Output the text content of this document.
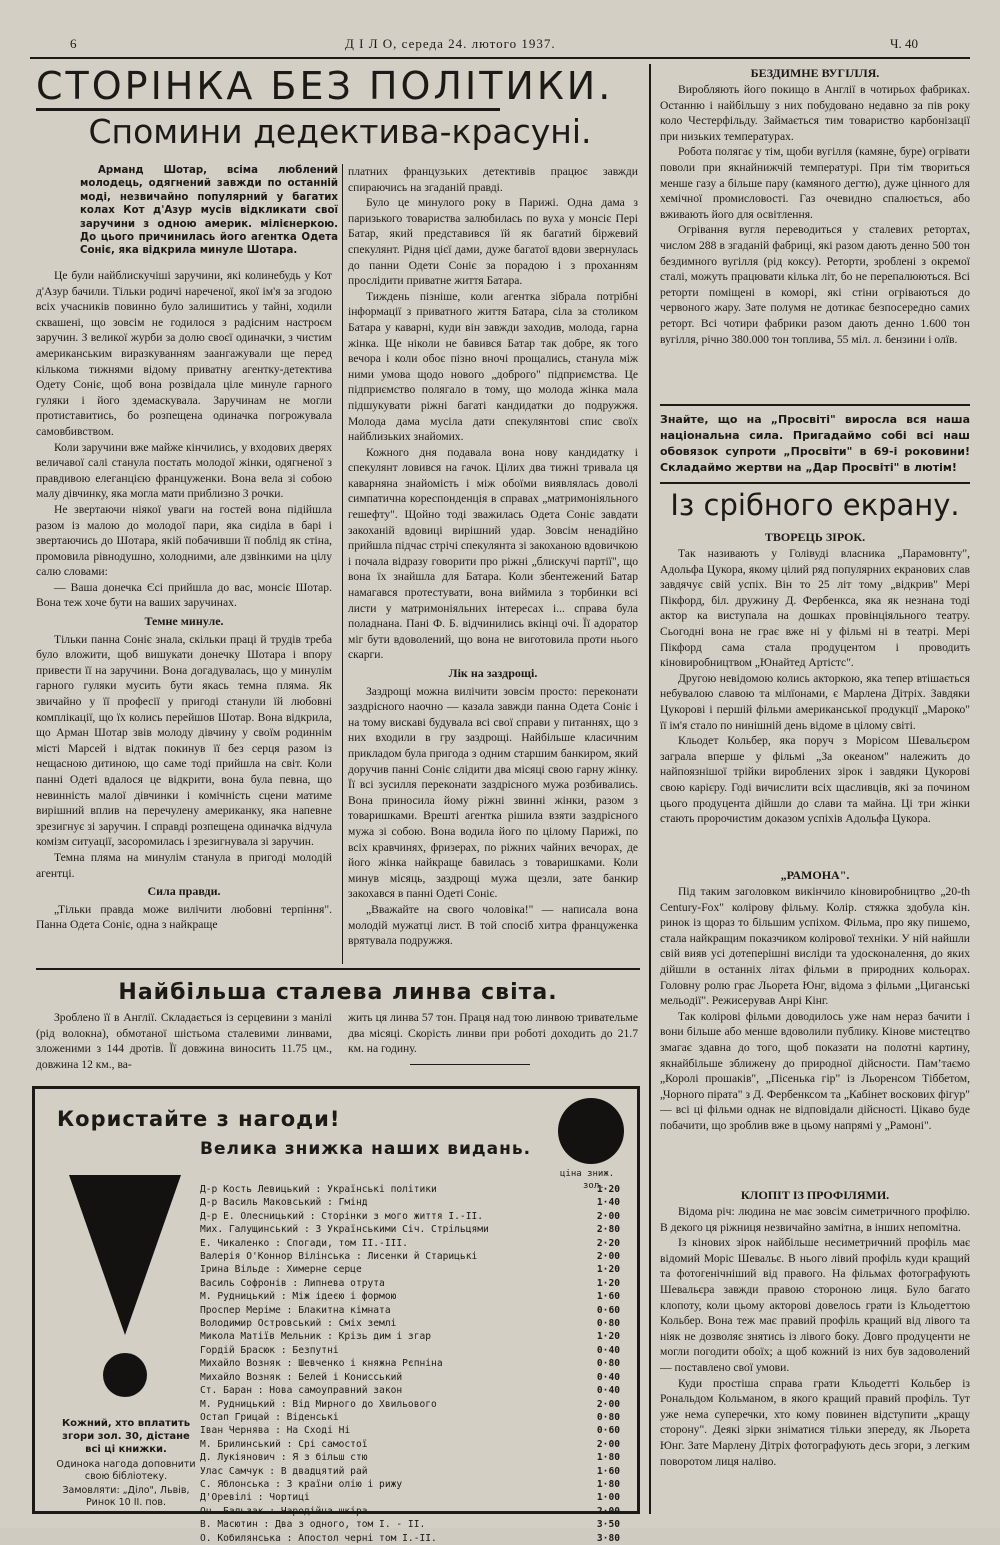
6	Д І Л О, середа 24. лютого 1937.	Ч. 40
СТОРІНКА БЕЗ ПОЛІТИКИ.
Спомини дедектива-красуні.

Арманд Шотар, всіма люблений молодець, одягнений завжди по останній моді, незвичайно популярний у багатих колах Кот д'Азур мусів відкликати свої заручини з одною америк. мілієнеркою. До цього причинилась його агентка Одета Соніє, яка відкрила минуле Шотара.

Це були найблискучіші заручини, які колинебудь у Кот д'Азур бачили. Тільки родичі нареченої, якої ім'я за згодою всіх учасників повинно було залишитись у тайні, ходили сквашені, що зовсім не годилося з радісним настроєм заручин. З великої журби за долю своєї одиначки, з чистим американським виразкуванням заангажували ще перед кількома тижнями відому приватну агентку-детектива Одету Соніє, щоб вона розвідала ціле минуле гарного гуляки і його здемаскувала. Заручинам не могли протиставитись, бо розпещена одиначка погрожувала самовбивством.

Коли заручини вже майже кінчились, у входових дверях величавої салі станула постать молодої жінки, одягненої з правдивою елеганцією француженки. Вона вела зі собою малу дівчинку, яка могла мати приблизно 3 рочки.

Не звертаючи ніякої уваги на гостей вона підійшла разом із малою до молодої пари, яка сиділа в барі і звертаючись до Шотара, якій побачивши її поблід як стіна, промовила рівнодушно, холодними, але дзвінкими на цілу салю словами:

— Ваша донечка Єсі прийшла до вас, монсіє Шотар. Вона теж хоче бути на ваших заручинах.

Темне минуле.

Тільки панна Соніє знала, скільки праці й трудів треба було вложити, щоб вишукати донечку Шотара і впору привести її на заручини. Вона догадувалась, що у минулім гарного гуляки мусить бути якась темна пляма. Як звичайно у її професії у пригоді станули їй любовні комплікації, що їх колись перейшов Шотар. Вона відкрила, що Арман Шотар звів молоду дівчину у своїм родиннім місті Марсей і відтак покинув її без серця разом із нещасною дитиною, що саме тоді прийшла на світ. Коли панні Одеті вдалося це відкрити, вона була певна, що невинність малої дівчинки і комічність сцени матиме вирішний вплив на перечулену американку, яка напевне зрезигнує зі заручин. І справді розпещена одиначка відчула комізм ситуації, засоромилась і зрезигнувала зі заручин.

Темна пляма на минулім станула в пригоді молодій агентці.

Сила правди.

„Тільки правда може вилічити любовні терпіння". Панна Одета Соніє, одна з найкраще

платних французьких детективів працює завжди спираючись на згаданій правді.

Було це минулого року в Парижі. Одна дама з паризького товариства залюбилась по вуха у монсіє Пері Батар, який представився їй як багатий біржевий спекулянт. Рідня цієї дами, дуже багатої вдови звернулась до панни Одети Соніє за порадою і з проханням прослідити приватне життя Батара.

Тиждень пізніше, коли агентка зібрала потрібні інформації з приватного життя Батара, сіла за столиком Батара у каварні, куди він завжди заходив, молода, гарна жінка. Ще ніколи не бавився Батар так добре, як того вечора і коли обоє пізно вночі прощались, станула між ними умова щодо нового „доброго" підприємства. Це підприємство полягало в тому, що молода жінка мала підшукувати ріжні багаті кандидатки до подружжя. Молода дама мусіла дати спекулянтові спис своїх найблизьких знайомих.

Кожного дня подавала вона нову кандидатку і спекулянт ловився на гачок. Цілих два тижні тривала ця каварняна знайомість і між обоїми виявлялась доволі симпатична кореспонденція в справах „матримоніяльного гешефту". Щойно тоді зважилась Одета Соніє завдати закоханій вдовиці вирішний удар. Зовсім ненадійно прийшла підчас стрічі спекулянта зі закоханою вдовичкою і почала відразу говорити про ріжні „блискучі партії", що вона їх знайшла для Батара. Коли збентежений Батар намагався протестувати, вона виймила з торбинки всі листи у матримоніяльних інтересах і... справа була поладнана. Пані Ф. Б. відчинились вкінці очі. Її адоратор міг бути вдоволений, що вона не виготовила проти нього скарги.

Лік на заздрощі.

Заздрощі можна вилічити зовсім просто: переконати заздрісного наочно — казала завжди панна Одета Соніє і на тому вискаві будувала всі свої справи у питаннях, що з них входили в гру заздрощі. Найбільше класичним прикладом була пригода з одним старшим банкиром, який доручив панні Соніє слідити два місяці свою гарну жінку. Її всі зусилля переконати заздрісного мужа розбивались. Вона приносила йому ріжні звинні жінки, разом з товаришками. Врешті агентка рішила взяти заздрісного мужа зі собою. Вона водила його по цілому Парижі, по всіх кравчинях, фризерах, по ріжних чайних вечорах, де його жінка найкраще бавилась з товаришками. Коли минув місяць, заздрощі мужа щезли, зате банкир закохався в панні Одеті Соніє.

„Вважайте на свого чоловіка!" — написала вона молодій мужатці лист. В той спосіб хитра француженка врятувала подружжя.

Найбільша сталева линва світа.

Зроблено її в Англії. Складається із серцевини з манілі (рід волокна), обмотаної шістьома сталевими линвами, зложеними з 144 дротів. Її довжина виносить 11.75 цм., довжина 12 км., ва-

жить ця линва 57 тон. Праця над тою линвою тривательме два місяці. Скорість линви при роботі доходить до 21.7 км. на годину.

Користайте з нагоди!
Велика знижка наших видань.
ціна зниж.
зол.
Д-р Кость Левицький : Українські політики	1·20
Д-р Василь Маковський : Гмінд	1·40
Д-р Е. Олесницький : Сторінки з мого життя І.-ІІ.	2·00
Мих. Галущинський : З Українськими Січ. Стрільцями	2·80
Е. Чикаленко : Спогади, том ІІ.-ІІІ.	2·20
Валерія О'Коннор Вілінська : Лисенки й Старицькі	2·00
Ірина Вільде : Химерне серце	1·20
Василь Софронів : Липнева отрута	1·20
М. Рудницький : Між ідеєю і формою	1·60
Проспер Меріме : Блакитна кімната	0·60
Володимир Островський : Сміх землі	0·80
Микола Матіїв Мельник : Крізь дим і згар	1·20
Гордій Брасюк : Безпутні	0·40
Михайло Возняк : Шевченко і княжна Рєпніна	0·80
Михайло Возняк : Белей і Конисський	0·40
Ст. Баран : Нова самоуправний закон	0·40
М. Рудницький : Від Мирного до Хвильового	2·00
Остап Грицай : Віденські	0·80
Іван Чернява : На Сході Ні	0·60
М. Брилинський : Срі самостої	2·00
Д. Лукіянович : Я з більш стю	1·80
Улас Самчук : В двадцятий рай	1·60
С. Яблонська : З країни олію і рижу	1·80
Д'Оревілі : Чортиці	1·00
Он. Бальзак : Чародійна шкіра	2·00
В. Масютин : Два з одного, том І. - ІІ.	3·50
О. Кобилянська : Апостол черні том І.-ІІ.	3·80
Кожний, хто вплатить згори зол. 30, дістане всі ці книжки.
Одинока нагода доповнити свою бібліотеку.
Замовляти: „Діло", Львів, Ринок 10 ІІ. пов.
БЕЗДИМНЕ ВУГІЛЛЯ.

Виробляють його покищо в Англії в чотирьох фабриках. Останню і найбільшу з них побудовано недавно за пів року коло Честерфільду. Займається тим товариство карбонізації при низьких температурах.

Робота полягає у тім, щоби вугілля (камяне, буре) огрівати поволи при якнайнижчій температурі. При тім твориться менше газу а більше пару (камяного дегтю), дуже цінного для хемічної промисловості. Газ очевидно спалюється, або вживають його для освітлення.

Огрівання вугля переводиться у сталевих ретортах, числом 288 в згаданій фабриці, які разом дають денно 500 тон бездимного вугілля (рід коксу). Реторти, зроблені з окремої сталі, можуть працювати кілька літ, бо не перепалюються. Всі реторти поміщені в коморі, які стіни огріваються до червоного жару. Зате полумя не дотикає безпосередно самих реторт. Всі чотири фабрики разом дають денно 1.600 тон вугілля, річно 380.000 тон топлива, 55 міл. л. бензини і олїв.

Знайте, що на „Просвіті" виросла вся наша національна сила. Пригадаймо собі всі наш обовязок супроти „Просвіти" в 69-і роковини! Складаймо жертви на „Дар Просвіті" в лютім!

Із срібного екрану.
ТВОРЕЦЬ ЗІРОК.

Так називають у Голівуді власника „Парамовнту", Адольфа Цукора, якому цілий ряд популярних екранових слав завдячує свій успіх. Він то 25 літ тому „відкрив" Мері Пікфорд, біл. дружину Д. Фербенкса, яка як незнана тоді актор ка виступала на дошках провінціяльного театру. Сьогодні вона не грає вже ні у фільмі ні в театрі. Мері Пікфорд сама стала продуцентом і проводить кіновиробництвом „Юнайтед Артістс".

Другою невідомою колись акторкою, яка тепер втішається небувалою славою та мілїонами, є Марлена Дітріх. Завдяки Цукорові і першій фільми американської продукції „Мароко" її ім'я стало по нинішній день відоме в цілому світі.

Кльодет Кольбер, яка поруч з Морісом Шевальєром заграла вперше у фільмі „За океаном" належить до найпоязнішої трійки вироблених зірок і завдяки Цукорові свою карієру. Годі вичислити всіх щасливців, які за почином цього продуцента дійшли до слави та майна. Ці три жінки стають пророчистим доказом успіхів Адольфа Цукора.

„РАМОНА".

Під таким заголовком викінчило кіновиробництво „20-th Century-Fox" колірову фільму. Колір. стяжка здобула кін. ринок із щораз то більшим успіхом. Фільма, про яку пишемо, стала найкращим показчиком колірової техніки. У ній найшли свій вияв усі дотеперішні висліди та удосконалення, до яких дійшли в останніх літах фільми в природних кольорах. Головну ролю грає Льорета Юнг, відома з фільми „Циганські мельодії". Режисерував Анрі Кінг.

Так колірові фільми доводилось уже нам нераз бачити і вони більше або менше вдоволили публику. Кінове мистецтво змагає здавна до того, щоб показати на полотні картину, якнайбільше зближену до природної дійсности. Пам’таємо „Королі прошаків", „Пісенька гір" із Льоренсом Тіббетом, „Чорного пірата" з Д. Фербенксом та „Кабінет воскових фігур" — всі ці фільми однак не відповідали дійсності. Цікаво буде побачити, що зроблив вже в цьому напрямі у „Рамоні".

КЛОПІТ ІЗ ПРОФІЛЯМИ.

Відома річ: людина не має зовсім симетричного профілю. В декого ця ріжниця незвичайно замітна, в інших непомітна.

Із кінових зірок найбільше несиметричний профіль має відомий Моріс Шевальє. В нього лівий профіль куди кращий та фотогенічніший від правого. На фільмах фотографують Шевальєра завжди правою стороною лиця. Було багато клопоту, коли цьому акторові довелось грати із Кльодеттою Кольбер. Вона теж має правий профіль кращий від лівого та ніяк не дозволяє знятись із лівого боку. Довго продуценти не могли погодити обоїх; а щоб кожний із них був задоволений — поставлено свої умови.

Куди простіша справа грати Кльодетті Кольбер із Рональдом Кольманом, в якого кращий правий профіль. Тут уже нема суперечки, хто кому повинен відступити „кращу сторону". Деякі зірки зніматися тільки зпереду, як Льорета Юнг. Зате Марлену Дітріх фотографують десь згори, з легким поворотом лиця наліво.
